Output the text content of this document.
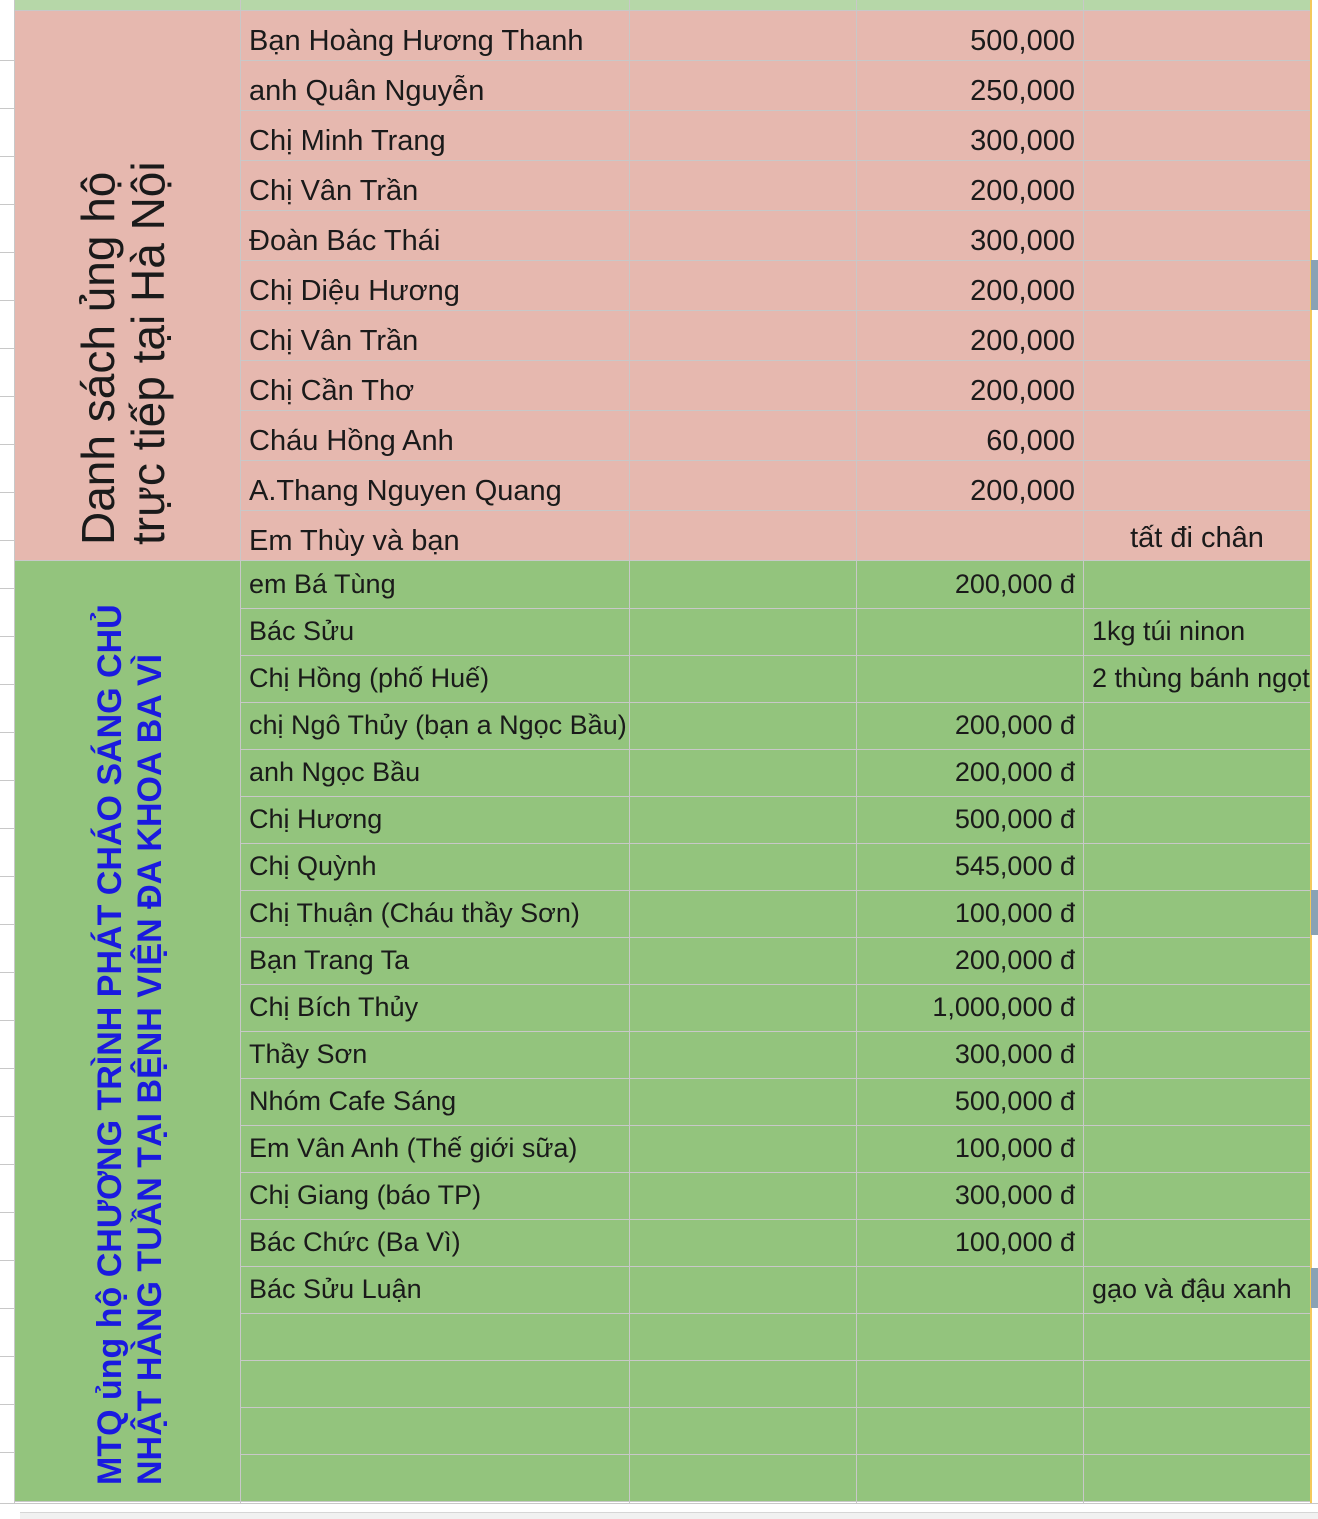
Danh sách ủng hộ
trực tiếp tại Hà Nội
MTQ ủng hộ CHƯƠNG TRÌNH PHÁT CHÁO SÁNG CHỦ NHẬT HÀNG TUẦN TẠI BỆNH VIỆN ĐA KHOA BA VÌ
Bạn Hoàng Hương Thanh	500,000
anh Quân Nguyễn	250,000
Chị Minh Trang	300,000
Chị Vân Trần	200,000
Đoàn Bác Thái	300,000
Chị Diệu Hương	200,000
Chị Vân Trần	200,000
Chị Cần Thơ	200,000
Cháu Hồng Anh	60,000
A.Thang Nguyen Quang	200,000
Em Thùy và bạn	tất đi chân
em Bá Tùng	200,000 đ
Bác Sửu	1kg túi ninon
Chị Hồng (phố Huế)	2 thùng bánh ngọt
chị Ngô Thủy (bạn a Ngọc Bầu)	200,000 đ
anh Ngọc Bầu	200,000 đ
Chị Hương	500,000 đ
Chị Quỳnh	545,000 đ
Chị Thuận (Cháu thầy Sơn)	100,000 đ
Bạn Trang Ta	200,000 đ
Chị Bích Thủy	1,000,000 đ
Thầy Sơn	300,000 đ
Nhóm Cafe Sáng	500,000 đ
Em Vân Anh (Thế giới sữa)	100,000 đ
Chị Giang (báo TP)	300,000 đ
Bác Chức (Ba Vì)	100,000 đ
Bác Sửu Luận	gạo và đậu xanh
